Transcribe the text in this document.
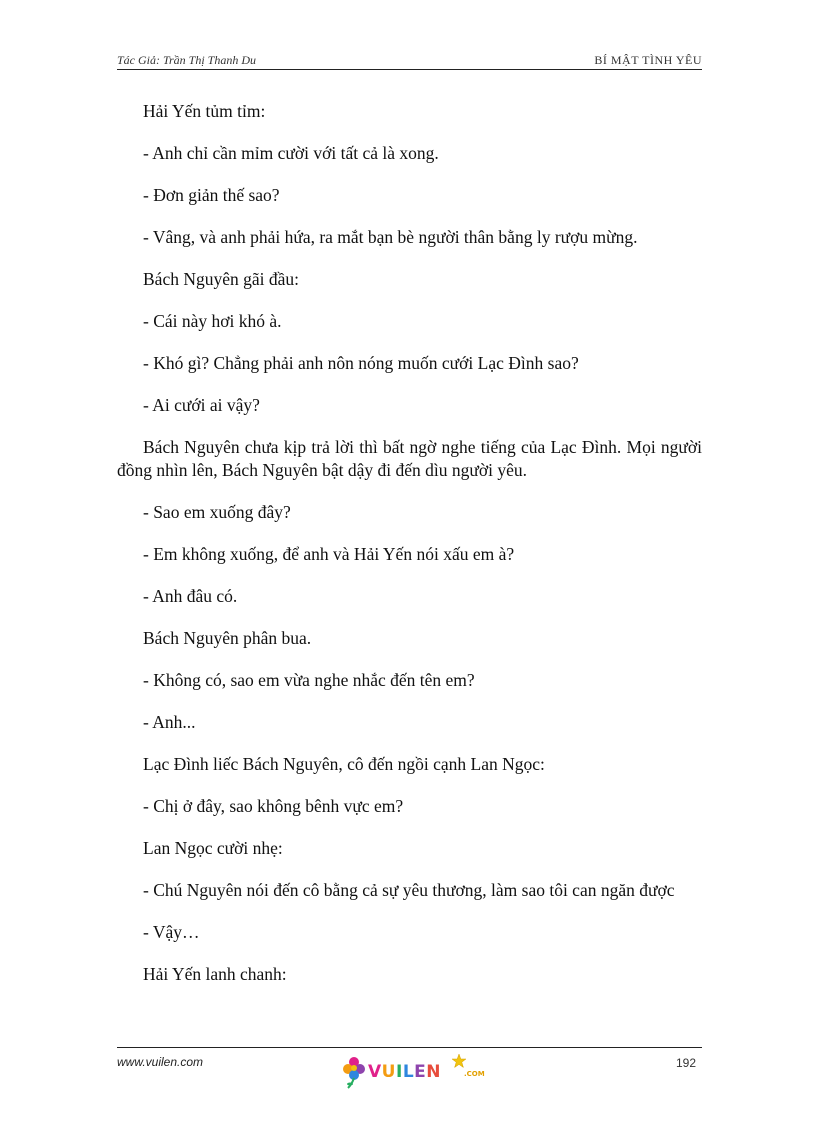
Tác Giả: Trần Thị Thanh Du	BÍ MẬT TÌNH YÊU

Hải Yến tủm tỉm:

- Anh chỉ cần mỉm cười với tất cả là xong.

- Đơn giản thế sao?

- Vâng, và anh phải hứa, ra mắt bạn bè người thân bằng ly rượu mừng.

Bách Nguyên gãi đầu:

- Cái này hơi khó à.

- Khó gì? Chẳng phải anh nôn nóng muốn cưới Lạc Đình sao?

- Ai cưới ai vậy?

Bách Nguyên chưa kịp trả lời thì bất ngờ nghe tiếng của Lạc Đình. Mọi người đồng nhìn lên, Bách Nguyên bật dậy đi đến dìu người yêu.

- Sao em xuống đây?

- Em không xuống, để anh và Hải Yến nói xấu em à?

- Anh đâu có.

Bách Nguyên phân bua.

- Không có, sao em vừa nghe nhắc đến tên em?

- Anh...

Lạc Đình liếc Bách Nguyên, cô đến ngồi cạnh Lan Ngọc:

- Chị ở đây, sao không bênh vực em?

Lan Ngọc cười nhẹ:

- Chú Nguyên nói đến cô bằng cả sự yêu thương, làm sao tôi can ngăn được

- Vậy…

Hải Yến lanh chanh:

www.vuilen.com	192
VUILEN	.COM
